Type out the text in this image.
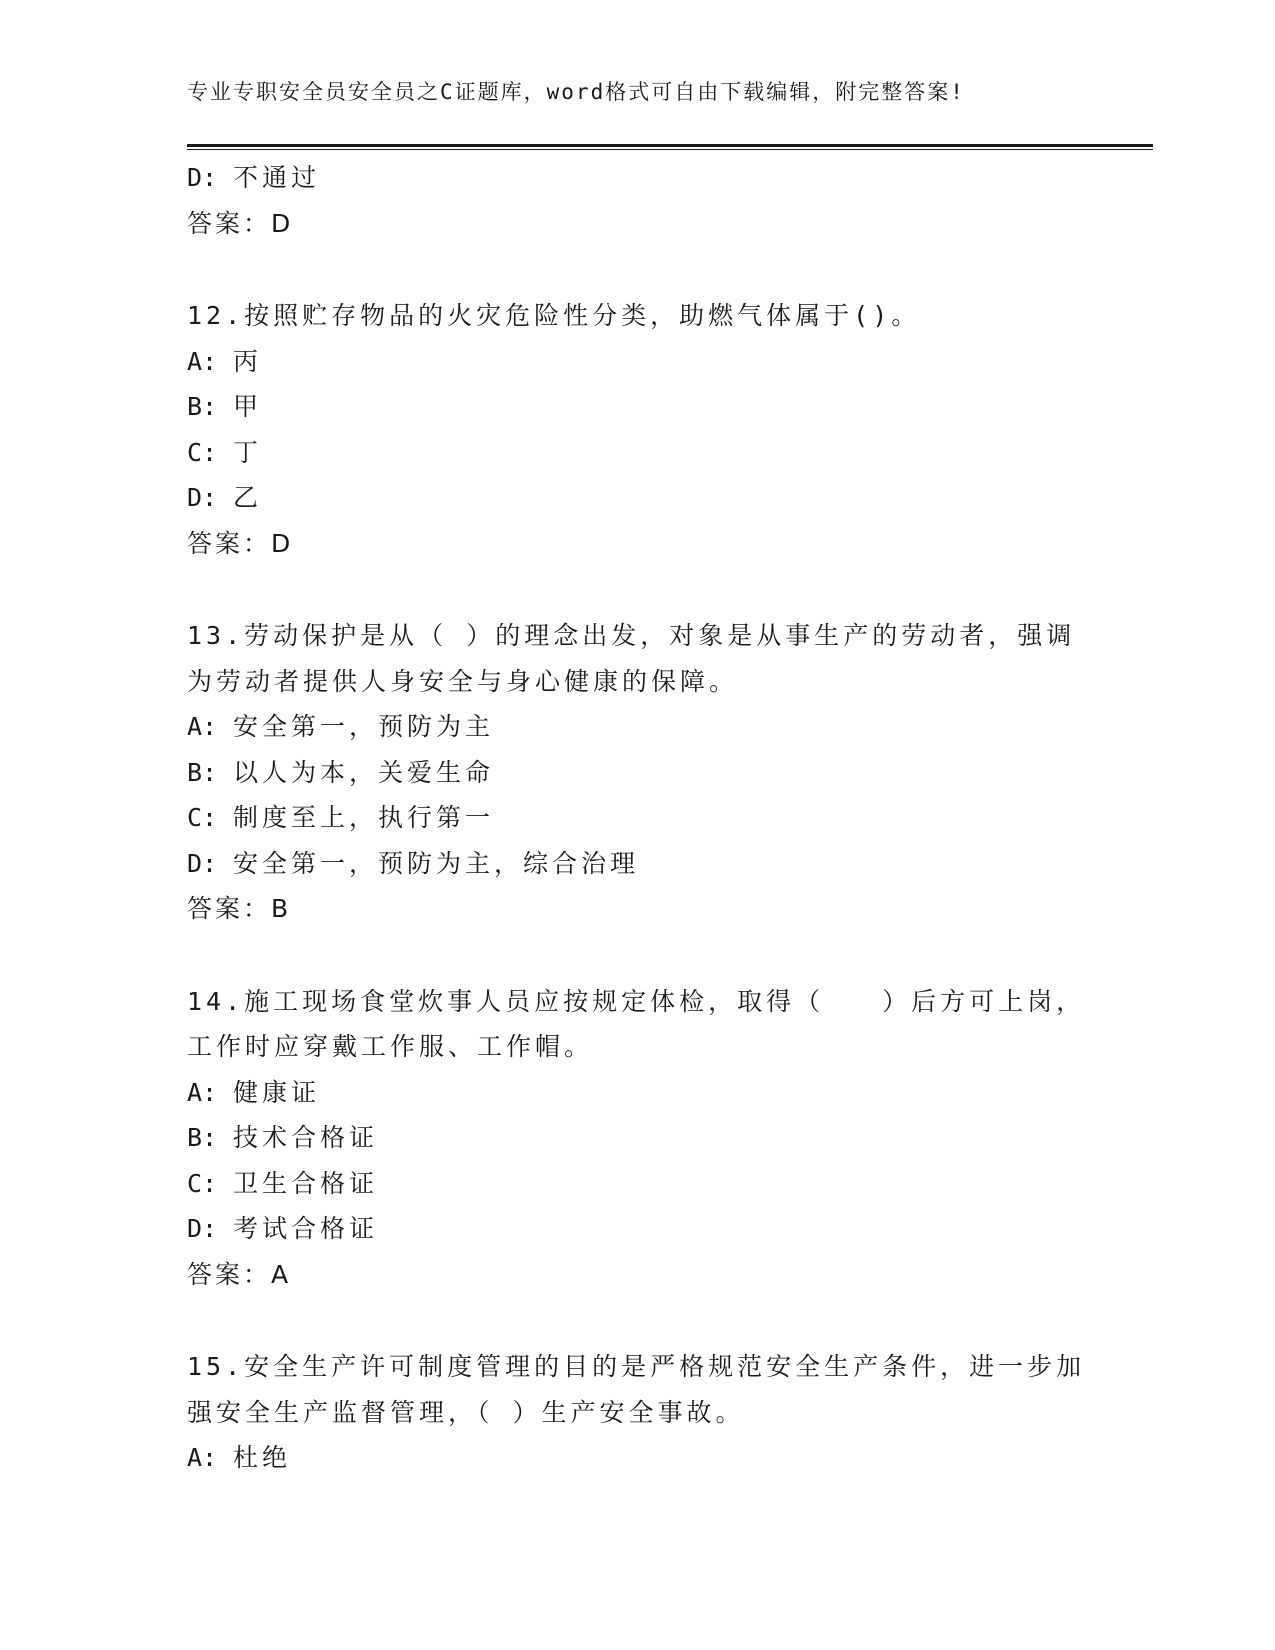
专业专职安全员安全员之C证题库，word格式可自由下载编辑，附完整答案!
D: 不通过
答案：D
12.按照贮存物品的火灾危险性分类，助燃气体属于()。
A: 丙
B: 甲
C: 丁
D: 乙
答案：D
13.劳动保护是从（ ）的理念出发，对象是从事生产的劳动者，强调
为劳动者提供人身安全与身心健康的保障。
A: 安全第一，预防为主
B: 以人为本，关爱生命
C: 制度至上，执行第一
D: 安全第一，预防为主，综合治理
答案：B
14.施工现场食堂炊事人员应按规定体检，取得（　　）后方可上岗，
工作时应穿戴工作服、工作帽。
A: 健康证
B: 技术合格证
C: 卫生合格证
D: 考试合格证
答案：A
15.安全生产许可制度管理的目的是严格规范安全生产条件，进一步加
强安全生产监督管理，（ ）生产安全事故。
A: 杜绝
